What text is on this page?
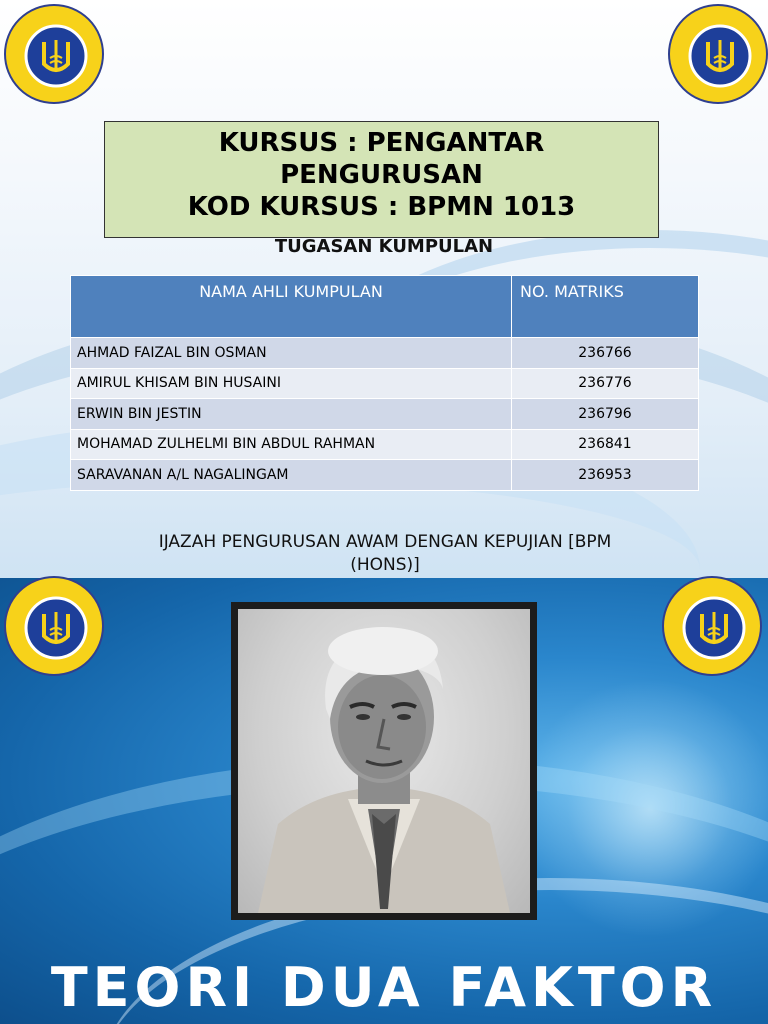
KURSUS : PENGANTAR
PENGURUSAN
KOD KURSUS : BPMN 1013
TUGASAN KUMPULAN
NAMA AHLI KUMPULAN	NO. MATRIKS
AHMAD FAIZAL BIN OSMAN	236766
AMIRUL KHISAM BIN HUSAINI	236776
ERWIN BIN JESTIN	236796
MOHAMAD ZULHELMI BIN ABDUL RAHMAN	236841
SARAVANAN A/L NAGALINGAM	236953
IJAZAH PENGURUSAN AWAM DENGAN KEPUJIAN [BPM
(HONS)]
TEORI DUA FAKTOR
